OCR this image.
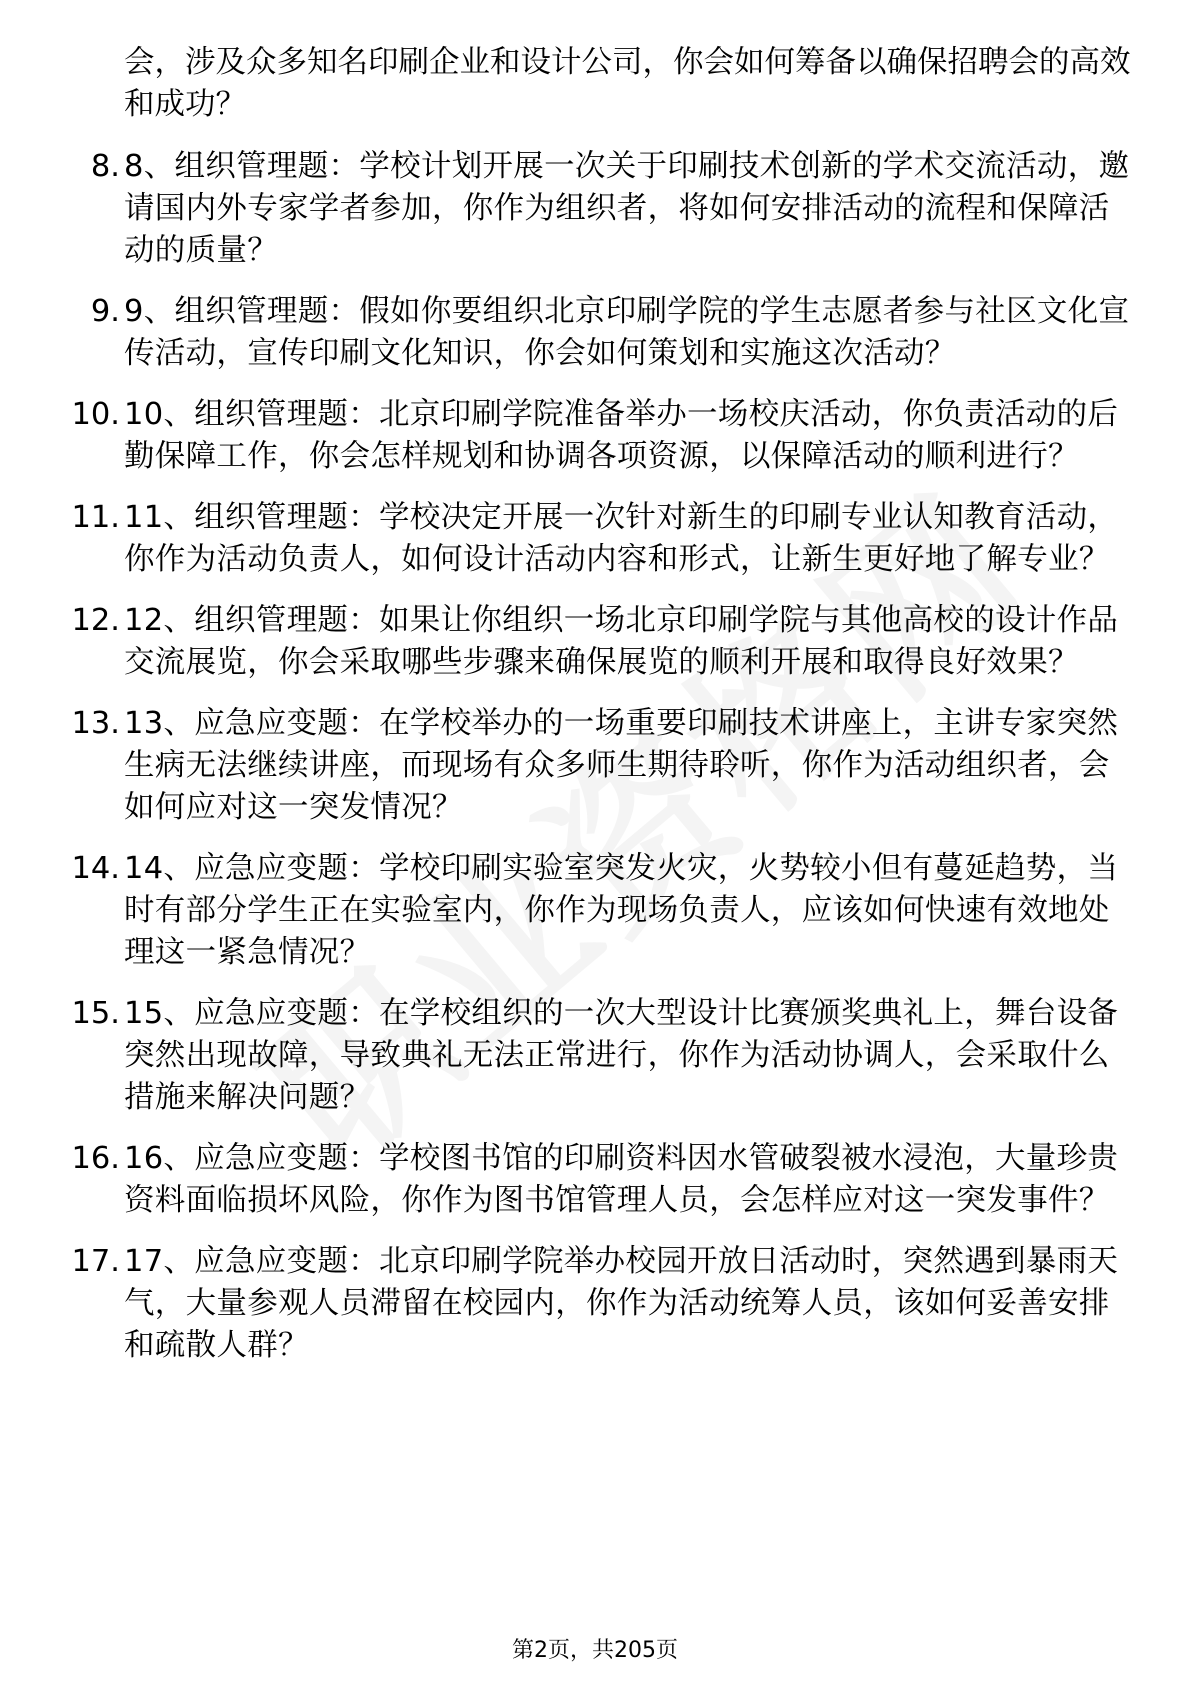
会，涉及众多知名印刷企业和设计公司，你会如何筹备以确保招聘会的高效和成功？
8. 8、组织管理题：学校计划开展一次关于印刷技术创新的学术交流活动，邀请国内外专家学者参加，你作为组织者，将如何安排活动的流程和保障活动的质量？
9. 9、组织管理题：假如你要组织北京印刷学院的学生志愿者参与社区文化宣传活动，宣传印刷文化知识，你会如何策划和实施这次活动？
10. 10、组织管理题：北京印刷学院准备举办一场校庆活动，你负责活动的后勤保障工作，你会怎样规划和协调各项资源，以保障活动的顺利进行？
11. 11、组织管理题：学校决定开展一次针对新生的印刷专业认知教育活动，你作为活动负责人，如何设计活动内容和形式，让新生更好地了解专业？
12. 12、组织管理题：如果让你组织一场北京印刷学院与其他高校的设计作品交流展览，你会采取哪些步骤来确保展览的顺利开展和取得良好效果？
13. 13、应急应变题：在学校举办的一场重要印刷技术讲座上，主讲专家突然生病无法继续讲座，而现场有众多师生期待聆听，你作为活动组织者，会如何应对这一突发情况？
14. 14、应急应变题：学校印刷实验室突发火灾，火势较小但有蔓延趋势，当时有部分学生正在实验室内，你作为现场负责人，应该如何快速有效地处理这一紧急情况？
15. 15、应急应变题：在学校组织的一次大型设计比赛颁奖典礼上，舞台设备突然出现故障，导致典礼无法正常进行，你作为活动协调人，会采取什么措施来解决问题？
16. 16、应急应变题：学校图书馆的印刷资料因水管破裂被水浸泡，大量珍贵资料面临损坏风险，你作为图书馆管理人员，会怎样应对这一突发事件？
17. 17、应急应变题：北京印刷学院举办校园开放日活动时，突然遇到暴雨天气，大量参观人员滞留在校园内，你作为活动统筹人员，该如何妥善安排和疏散人群？
第2页，共205页
